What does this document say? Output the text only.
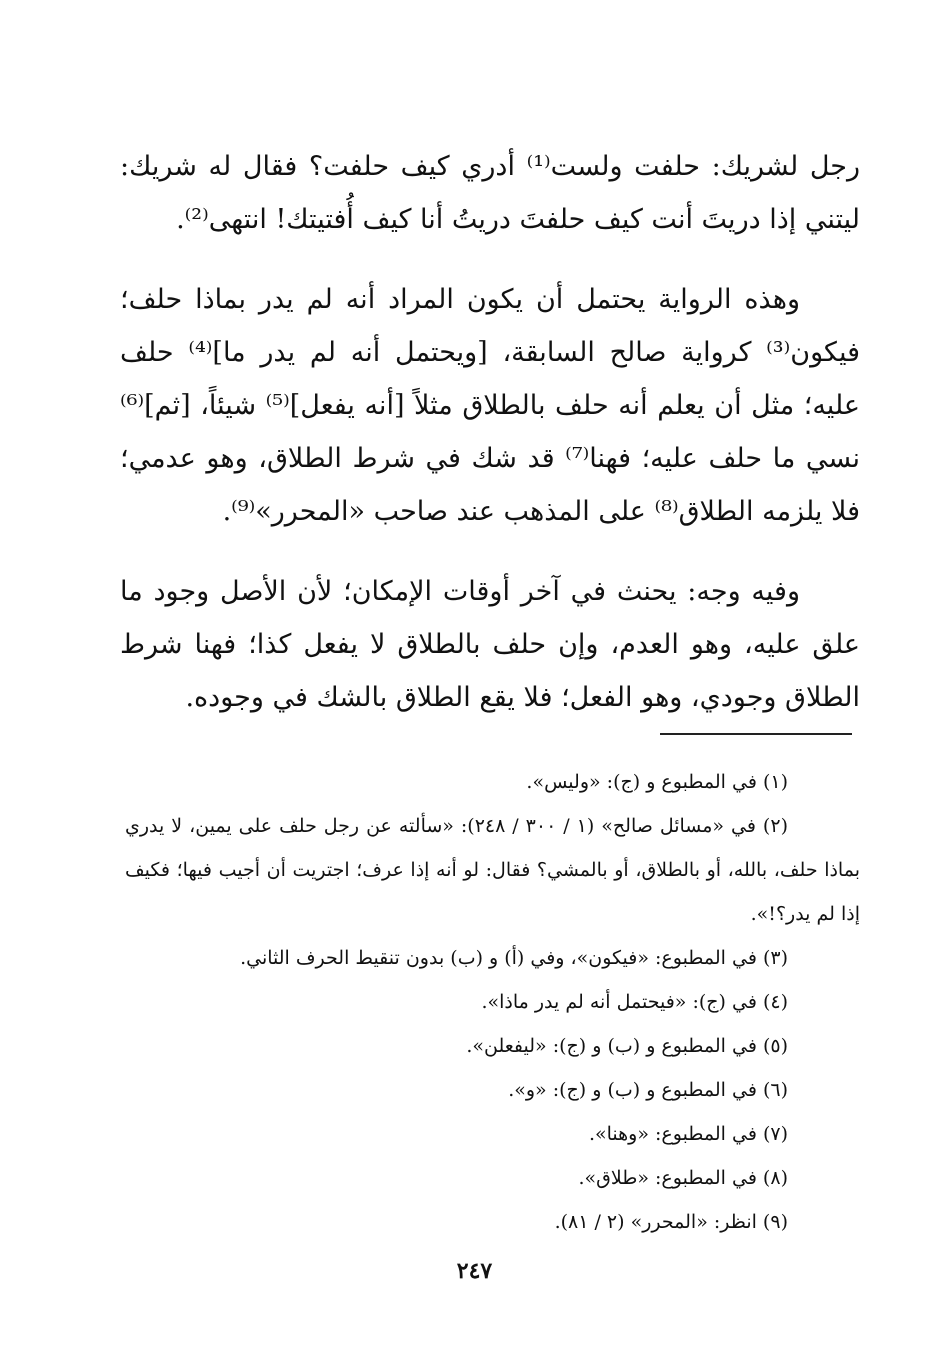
رجل لشريك: حلفت ولست⁽¹⁾ أدري كيف حلفت؟ فقال له شريك: ليتني إذا دريتَ أنت كيف حلفتَ دريتُ أنا كيف أُفتيتك! انتهى⁽²⁾.

وهذه الرواية يحتمل أن يكون المراد أنه لم يدر بماذا حلف؛ فيكون⁽³⁾ كرواية صالح السابقة، [ويحتمل أنه لم يدر ما]⁽⁴⁾ حلف عليه؛ مثل أن يعلم أنه حلف بالطلاق مثلاً [أنه يفعل]⁽⁵⁾ شيئاً، [ثم]⁽⁶⁾ نسي ما حلف عليه؛ فهنا⁽⁷⁾ قد شك في شرط الطلاق، وهو عدمي؛ فلا يلزمه الطلاق⁽⁸⁾ على المذهب عند صاحب «المحرر»⁽⁹⁾.

وفيه وجه: يحنث في آخر أوقات الإمكان؛ لأن الأصل وجود ما علق عليه، وهو العدم، وإن حلف بالطلاق لا يفعل كذا؛ فهنا شرط الطلاق وجودي، وهو الفعل؛ فلا يقع الطلاق بالشك في وجوده.

(١) في المطبوع و (ج): «وليس».

(٢) في «مسائل صالح» (١ / ٣٠٠ / ٢٤٨): «سألته عن رجل حلف على يمين، لا يدري بماذا حلف، بالله، أو بالطلاق، أو بالمشي؟ فقال: لو أنه إذا عرف؛ اجتريت أن أجيب فيها؛ فكيف إذا لم يدر؟!».

(٣) في المطبوع: «فيكون»، وفي (أ) و (ب) بدون تنقيط الحرف الثاني.

(٤) في (ج): «فيحتمل أنه لم يدر ماذا».

(٥) في المطبوع و (ب) و (ج): «ليفعلن».

(٦) في المطبوع و (ب) و (ج): «و».

(٧) في المطبوع: «وهنا».

(٨) في المطبوع: «طلاق».

(٩) انظر: «المحرر» (٢ / ٨١).

٢٤٧
